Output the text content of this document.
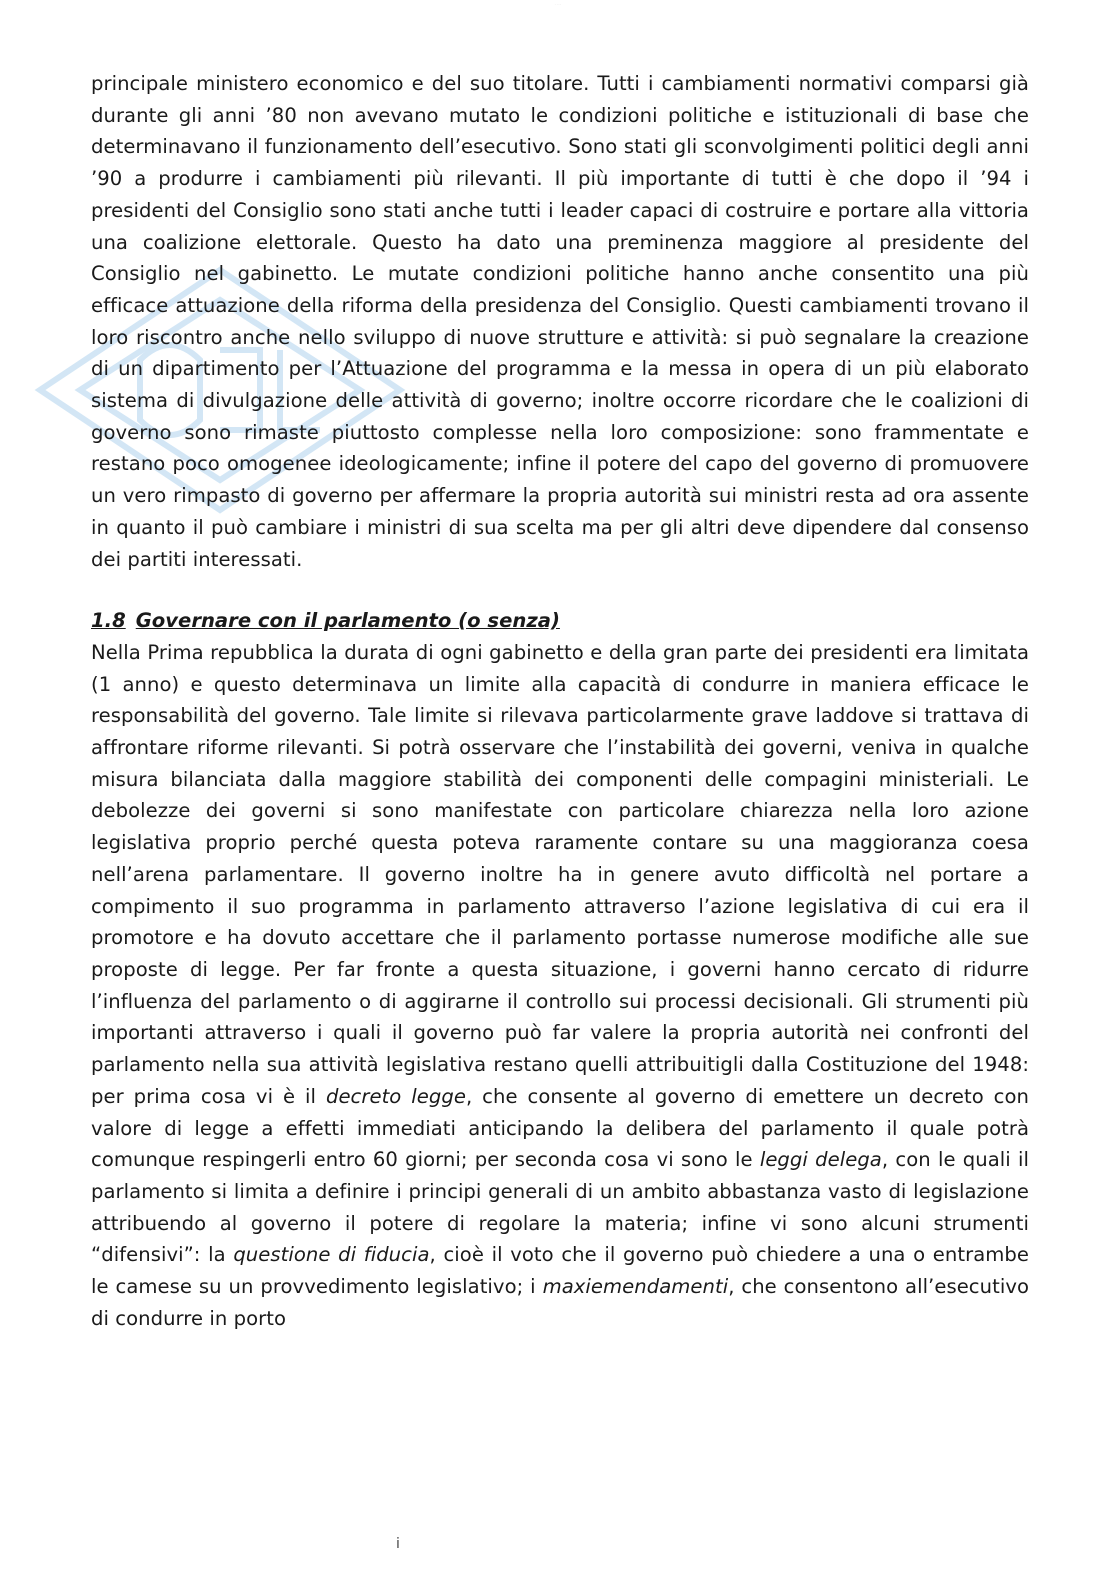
· · · ·

principale ministero economico e del suo titolare. Tutti i cambiamenti normativi comparsi già durante gli anni ’80 non avevano mutato le condizioni politiche e istituzionali di base che determinavano il funzionamento dell’esecutivo. Sono stati gli sconvolgimenti politici degli anni ’90 a produrre i cambiamenti più rilevanti. Il più importante di tutti è che dopo il ’94 i presidenti del Consiglio sono stati anche tutti i leader capaci di costruire e portare alla vittoria una coalizione elettorale. Questo ha dato una preminenza maggiore al presidente del Consiglio nel gabinetto. Le mutate condizioni politiche hanno anche consentito una più efficace attuazione della riforma della presidenza del Consiglio. Questi cambiamenti trovano il loro riscontro anche nello sviluppo di nuove strutture e attività: si può segnalare la creazione di un dipartimento per l’Attuazione del programma e la messa in opera di un più elaborato sistema di divulgazione delle attività di governo; inoltre occorre ricordare che le coalizioni di governo sono rimaste piuttosto complesse nella loro composizione: sono frammentate e restano poco omogenee ideologicamente; infine il potere del capo del governo di promuovere un vero rimpasto di governo per affermare la propria autorità sui ministri resta ad ora assente in quanto il può cambiare i ministri di sua scelta ma per gli altri deve dipendere dal consenso dei partiti interessati.

1.8 Governare con il parlamento (o senza)

Nella Prima repubblica la durata di ogni gabinetto e della gran parte dei presidenti era limitata (1 anno) e questo determinava un limite alla capacità di condurre in maniera efficace le responsabilità del governo. Tale limite si rilevava particolarmente grave laddove si trattava di affrontare riforme rilevanti. Si potrà osservare che l’instabilità dei governi, veniva in qualche misura bilanciata dalla maggiore stabilità dei componenti delle compagini ministeriali. Le debolezze dei governi si sono manifestate con particolare chiarezza nella loro azione legislativa proprio perché questa poteva raramente contare su una maggioranza coesa nell’arena parlamentare. Il governo inoltre ha in genere avuto difficoltà nel portare a compimento il suo programma in parlamento attraverso l’azione legislativa di cui era il promotore e ha dovuto accettare che il parlamento portasse numerose modifiche alle sue proposte di legge. Per far fronte a questa situazione, i governi hanno cercato di ridurre l’influenza del parlamento o di aggirarne il controllo sui processi decisionali. Gli strumenti più importanti attraverso i quali il governo può far valere la propria autorità nei confronti del parlamento nella sua attività legislativa restano quelli attribuitigli dalla Costituzione del 1948: per prima cosa vi è il decreto legge, che consente al governo di emettere un decreto con valore di legge a effetti immediati anticipando la delibera del parlamento il quale potrà comunque respingerli entro 60 giorni; per seconda cosa vi sono le leggi delega, con le quali il parlamento si limita a definire i principi generali di un ambito abbastanza vasto di legislazione attribuendo al governo il potere di regolare la materia; infine vi sono alcuni strumenti “difensivi”: la questione di fiducia, cioè il voto che il governo può chiedere a una o entrambe le camese su un provvedimento legislativo; i maxiemendamenti, che consentono all’esecutivo di condurre in porto

i
